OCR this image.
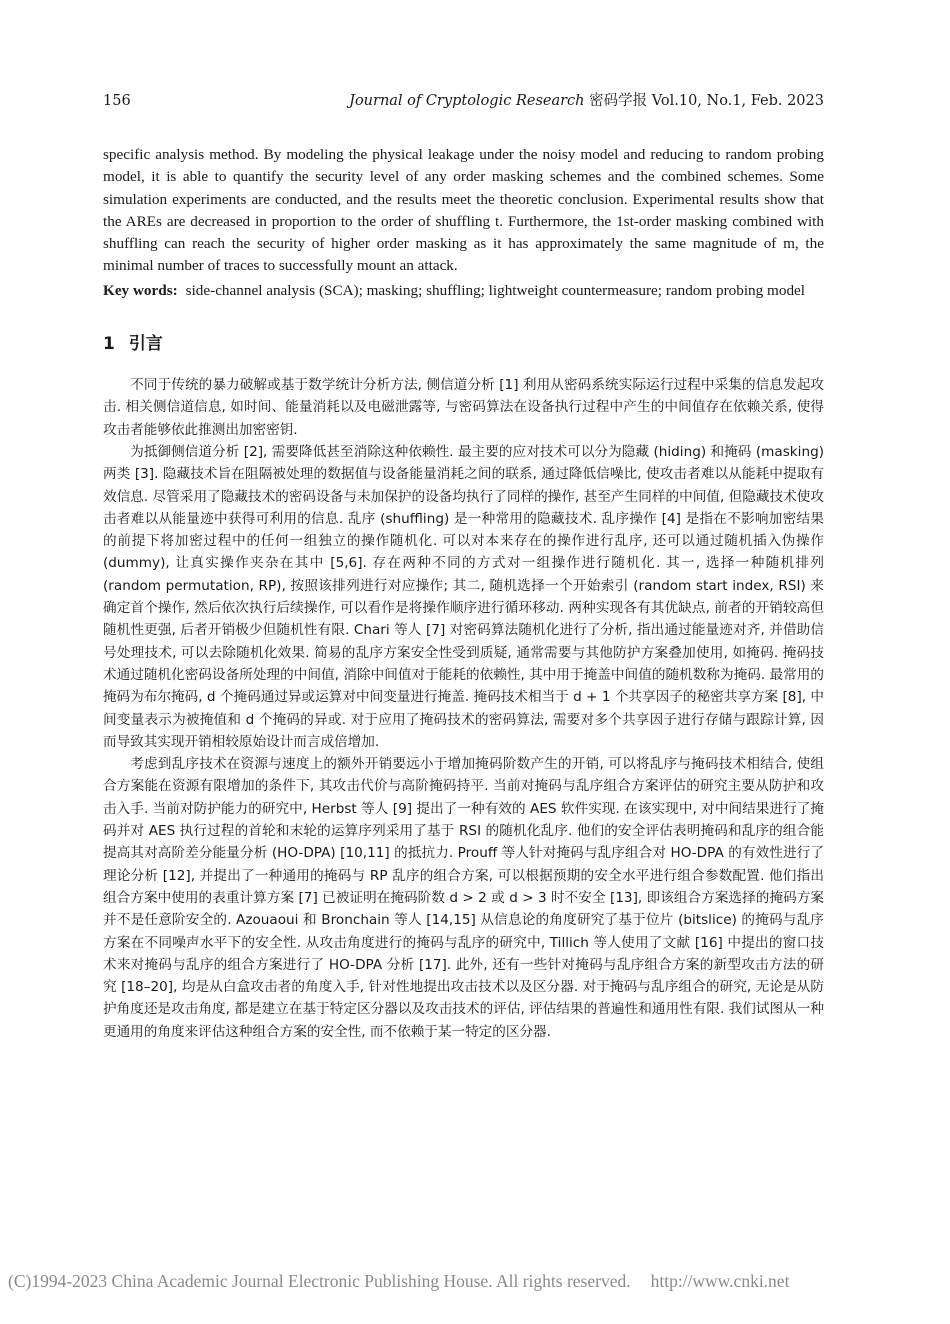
156	Journal of Cryptologic Research 密码学报 Vol.10, No.1, Feb. 2023

specific analysis method. By modeling the physical leakage under the noisy model and reducing to random probing model, it is able to quantify the security level of any order masking schemes and the combined schemes. Some simulation experiments are conducted, and the results meet the theoretic conclusion. Experimental results show that the AREs are decreased in proportion to the order of shuffling t. Furthermore, the 1st-order masking combined with shuffling can reach the security of higher order masking as it has approximately the same magnitude of m, the minimal number of traces to successfully mount an attack.

Key words: side-channel analysis (SCA); masking; shuffling; lightweight countermeasure; random probing model

1 引言

不同于传统的暴力破解或基于数学统计分析方法, 侧信道分析 [1] 利用从密码系统实际运行过程中采集的信息发起攻击. 相关侧信道信息, 如时间、能量消耗以及电磁泄露等, 与密码算法在设备执行过程中产生的中间值存在依赖关系, 使得攻击者能够依此推测出加密密钥.

为抵御侧信道分析 [2], 需要降低甚至消除这种依赖性. 最主要的应对技术可以分为隐藏 (hiding) 和掩码 (masking) 两类 [3]. 隐藏技术旨在阻隔被处理的数据值与设备能量消耗之间的联系, 通过降低信噪比, 使攻击者难以从能耗中提取有效信息. 尽管采用了隐藏技术的密码设备与未加保护的设备均执行了同样的操作, 甚至产生同样的中间值, 但隐藏技术使攻击者难以从能量迹中获得可利用的信息. 乱序 (shuffling) 是一种常用的隐藏技术. 乱序操作 [4] 是指在不影响加密结果的前提下将加密过程中的任何一组独立的操作随机化. 可以对本来存在的操作进行乱序, 还可以通过随机插入伪操作 (dummy), 让真实操作夹杂在其中 [5,6]. 存在两种不同的方式对一组操作进行随机化. 其一, 选择一种随机排列 (random permutation, RP), 按照该排列进行对应操作; 其二, 随机选择一个开始索引 (random start index, RSI) 来确定首个操作, 然后依次执行后续操作, 可以看作是将操作顺序进行循环移动. 两种实现各有其优缺点, 前者的开销较高但随机性更强, 后者开销极少但随机性有限. Chari 等人 [7] 对密码算法随机化进行了分析, 指出通过能量迹对齐, 并借助信号处理技术, 可以去除随机化效果. 简易的乱序方案安全性受到质疑, 通常需要与其他防护方案叠加使用, 如掩码. 掩码技术通过随机化密码设备所处理的中间值, 消除中间值对于能耗的依赖性, 其中用于掩盖中间值的随机数称为掩码. 最常用的掩码为布尔掩码, d 个掩码通过异或运算对中间变量进行掩盖. 掩码技术相当于 d + 1 个共享因子的秘密共享方案 [8], 中间变量表示为被掩值和 d 个掩码的异或. 对于应用了掩码技术的密码算法, 需要对多个共享因子进行存储与跟踪计算, 因而导致其实现开销相较原始设计而言成倍增加.

考虑到乱序技术在资源与速度上的额外开销要远小于增加掩码阶数产生的开销, 可以将乱序与掩码技术相结合, 使组合方案能在资源有限增加的条件下, 其攻击代价与高阶掩码持平. 当前对掩码与乱序组合方案评估的研究主要从防护和攻击入手. 当前对防护能力的研究中, Herbst 等人 [9] 提出了一种有效的 AES 软件实现. 在该实现中, 对中间结果进行了掩码并对 AES 执行过程的首轮和末轮的运算序列采用了基于 RSI 的随机化乱序. 他们的安全评估表明掩码和乱序的组合能提高其对高阶差分能量分析 (HO-DPA) [10,11] 的抵抗力. Prouff 等人针对掩码与乱序组合对 HO-DPA 的有效性进行了理论分析 [12], 并提出了一种通用的掩码与 RP 乱序的组合方案, 可以根据预期的安全水平进行组合参数配置. 他们指出组合方案中使用的表重计算方案 [7] 已被证明在掩码阶数 d > 2 或 d > 3 时不安全 [13], 即该组合方案选择的掩码方案并不是任意阶安全的. Azouaoui 和 Bronchain 等人 [14,15] 从信息论的角度研究了基于位片 (bitslice) 的掩码与乱序方案在不同噪声水平下的安全性. 从攻击角度进行的掩码与乱序的研究中, Tillich 等人使用了文献 [16] 中提出的窗口技术来对掩码与乱序的组合方案进行了 HO-DPA 分析 [17]. 此外, 还有一些针对掩码与乱序组合方案的新型攻击方法的研究 [18–20], 均是从白盒攻击者的角度入手, 针对性地提出攻击技术以及区分器. 对于掩码与乱序组合的研究, 无论是从防护角度还是攻击角度, 都是建立在基于特定区分器以及攻击技术的评估, 评估结果的普遍性和通用性有限. 我们试图从一种更通用的角度来评估这种组合方案的安全性, 而不依赖于某一特定的区分器.

(C)1994-2023 China Academic Journal Electronic Publishing House. All rights reserved. http://www.cnki.net
